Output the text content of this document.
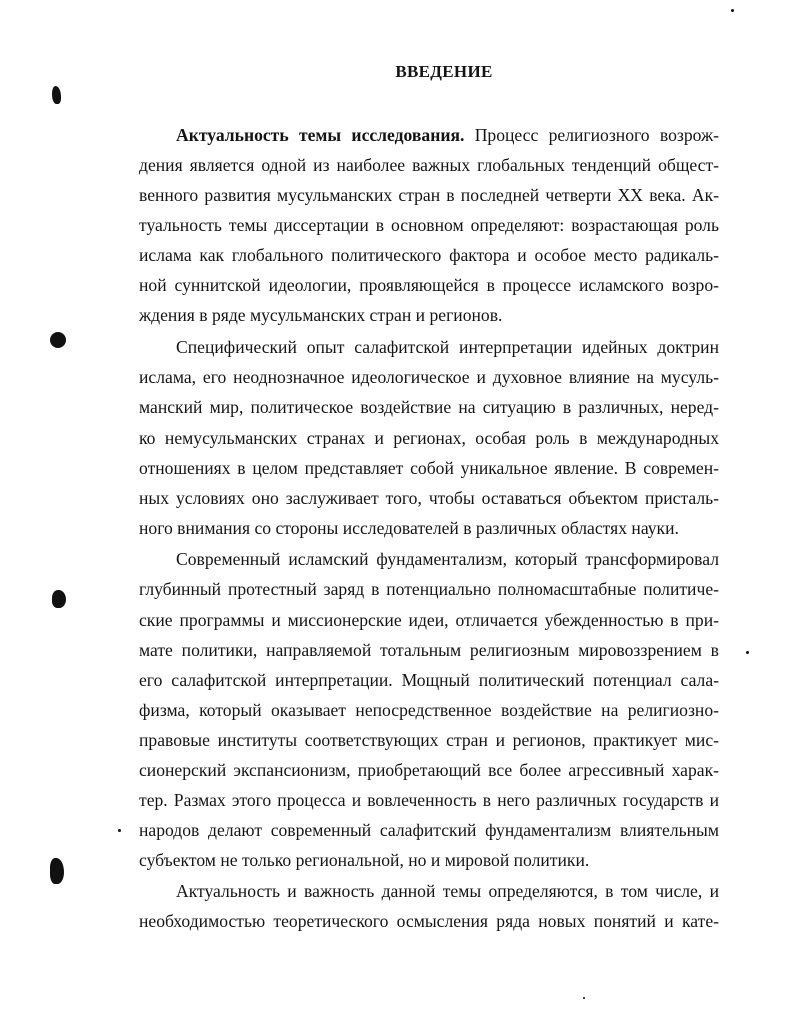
ВВЕДЕНИЕ
Актуальность темы исследования. Процесс религиозного возрож-
дения является одной из наиболее важных глобальных тенденций общест-
венного развития мусульманских стран в последней четверти XX века. Ак-
туальность темы диссертации в основном определяют: возрастающая роль
ислама как глобального политического фактора и особое место радикаль-
ной суннитской идеологии, проявляющейся в процессе исламского возро-
ждения в ряде мусульманских стран и регионов.
Специфический опыт салафитской интерпретации идейных доктрин
ислама, его неоднозначное идеологическое и духовное влияние на мусуль-
манский мир, политическое воздействие на ситуацию в различных, неред-
ко немусульманских странах и регионах, особая роль в международных
отношениях в целом представляет собой уникальное явление. В современ-
ных условиях оно заслуживает того, чтобы оставаться объектом присталь-
ного внимания со стороны исследователей в различных областях науки.
Современный исламский фундаментализм, который трансформировал
глубинный протестный заряд в потенциально полномасштабные политиче-
ские программы и миссионерские идеи, отличается убежденностью в при-
мате политики, направляемой тотальным религиозным мировоззрением в
его салафитской интерпретации. Мощный политический потенциал сала-
физма, который оказывает непосредственное воздействие на религиозно-
правовые институты соответствующих стран и регионов, практикует мис-
сионерский экспансионизм, приобретающий все более агрессивный харак-
тер. Размах этого процесса и вовлеченность в него различных государств и
народов делают современный салафитский фундаментализм влиятельным
субъектом не только региональной, но и мировой политики.
Актуальность и важность данной темы определяются, в том числе, и
необходимостью теоретического осмысления ряда новых понятий и кате-
